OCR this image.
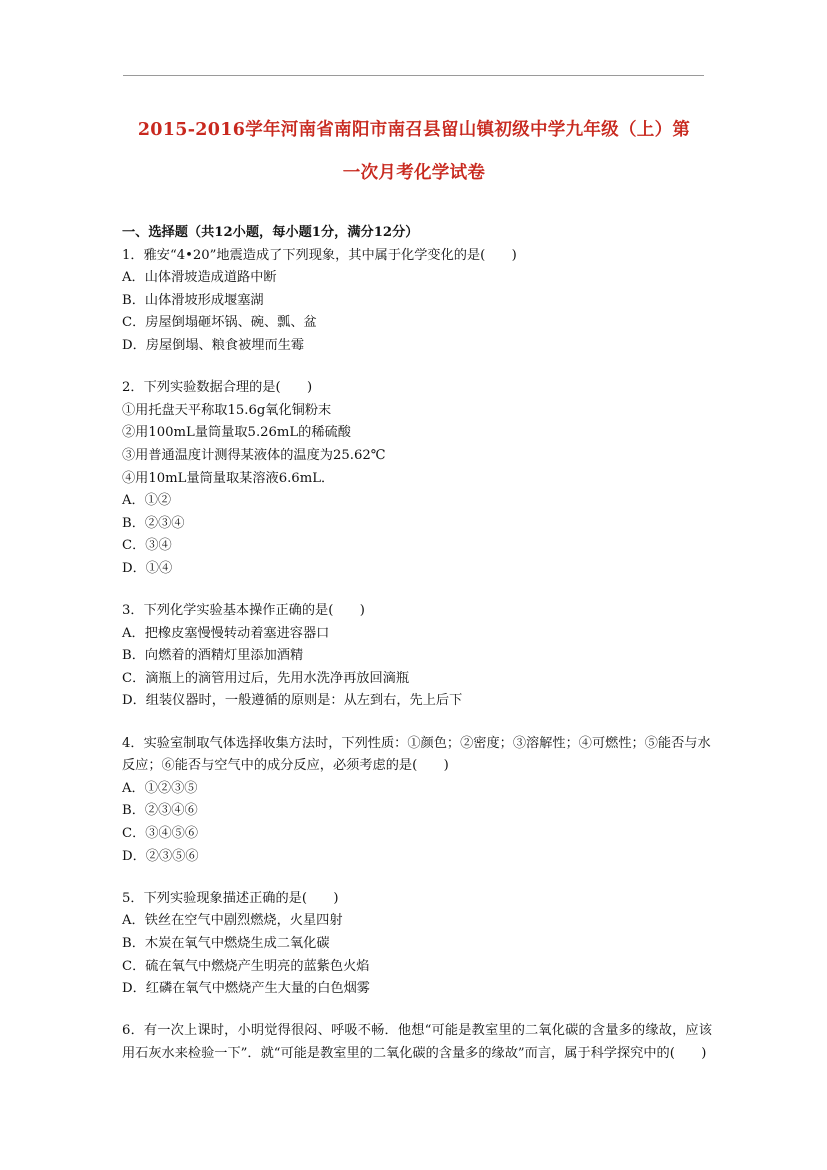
2015-2016学年河南省南阳市南召县留山镇初级中学九年级（上）第
一次月考化学试卷

一、选择题（共12小题，每小题1分，满分12分）

1．雅安“4•20”地震造成了下列现象，其中属于化学变化的是(　　)

A．山体滑坡造成道路中断

B．山体滑坡形成堰塞湖

C．房屋倒塌砸坏锅、碗、瓢、盆

D．房屋倒塌、粮食被埋而生霉

2．下列实验数据合理的是(　　)

①用托盘天平称取15.6g氧化铜粉末

②用100mL量筒量取5.26mL的稀硫酸

③用普通温度计测得某液体的温度为25.62℃

④用10mL量筒量取某溶液6.6mL．

A．①②

B．②③④

C．③④

D．①④

3．下列化学实验基本操作正确的是(　　)

A．把橡皮塞慢慢转动着塞进容器口

B．向燃着的酒精灯里添加酒精

C．滴瓶上的滴管用过后，先用水洗净再放回滴瓶

D．组装仪器时，一般遵循的原则是：从左到右，先上后下

4．实验室制取气体选择收集方法时，下列性质：①颜色；②密度；③溶解性；④可燃性；⑤能否与水反应；⑥能否与空气中的成分反应，必须考虑的是(　　)

A．①②③⑤

B．②③④⑥

C．③④⑤⑥

D．②③⑤⑥

5．下列实验现象描述正确的是(　　)

A．铁丝在空气中剧烈燃烧，火星四射

B．木炭在氧气中燃烧生成二氧化碳

C．硫在氧气中燃烧产生明亮的蓝紫色火焰

D．红磷在氧气中燃烧产生大量的白色烟雾

6．有一次上课时，小明觉得很闷、呼吸不畅．他想“可能是教室里的二氧化碳的含量多的缘故，应该用石灰水来检验一下”．就“可能是教室里的二氧化碳的含量多的缘故”而言，属于科学探究中的(　　)
